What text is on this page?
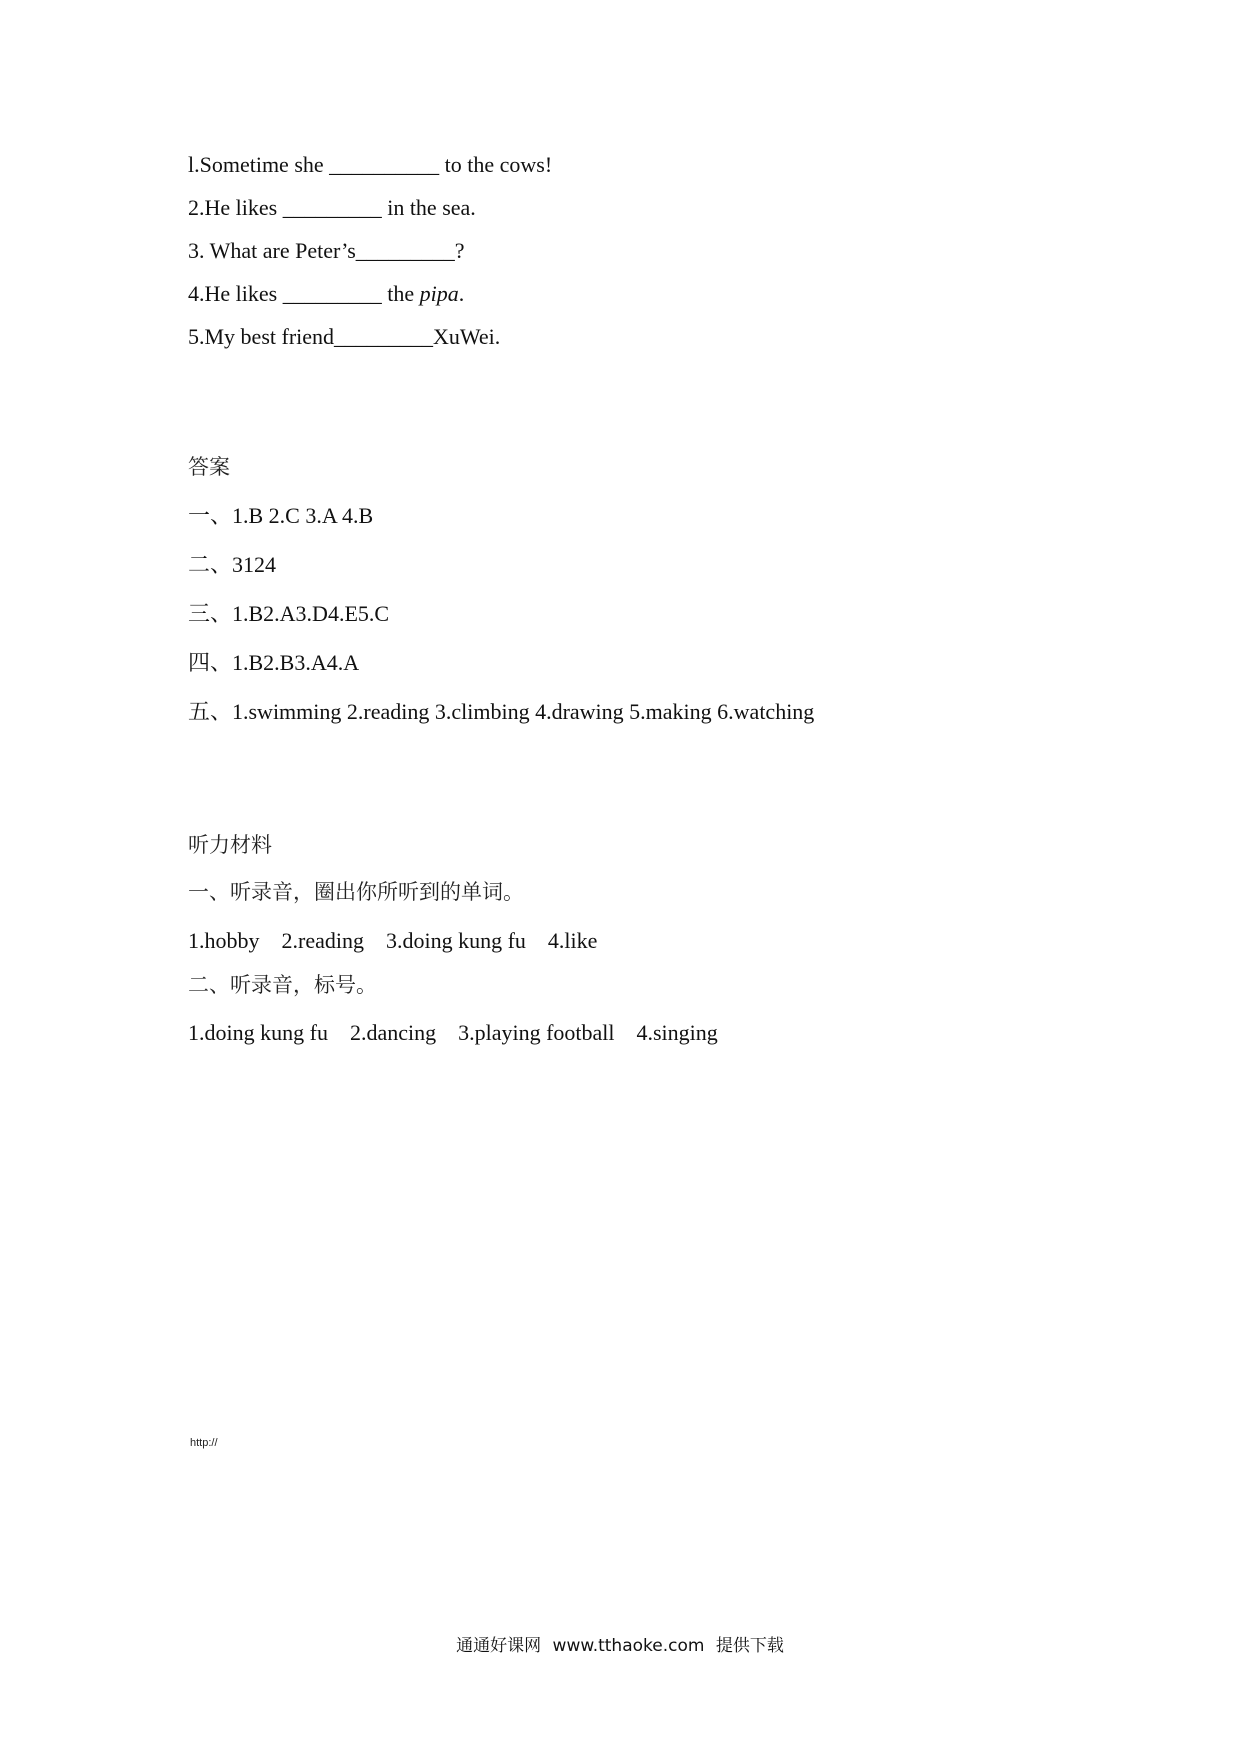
l.Sometime she __________ to the cows!
2.He likes _________ in the sea.
3. What are Peter’s_________?
4.He likes _________ the pipa.
5.My best friend_________XuWei.
答案
一、1.B 2.C 3.A 4.B
二、3124
三、1.B2.A3.D4.E5.C
四、1.B2.B3.A4.A
五、1.swimming 2.reading 3.climbing 4.drawing 5.making 6.watching
听力材料
一、听录音，圈出你所听到的单词。
1.hobby    2.reading    3.doing kung fu    4.like
二、听录音，标号。
1.doing kung fu    2.dancing    3.playing football    4.singing
http://
通通好课网 www.tthaoke.com 提供下载
